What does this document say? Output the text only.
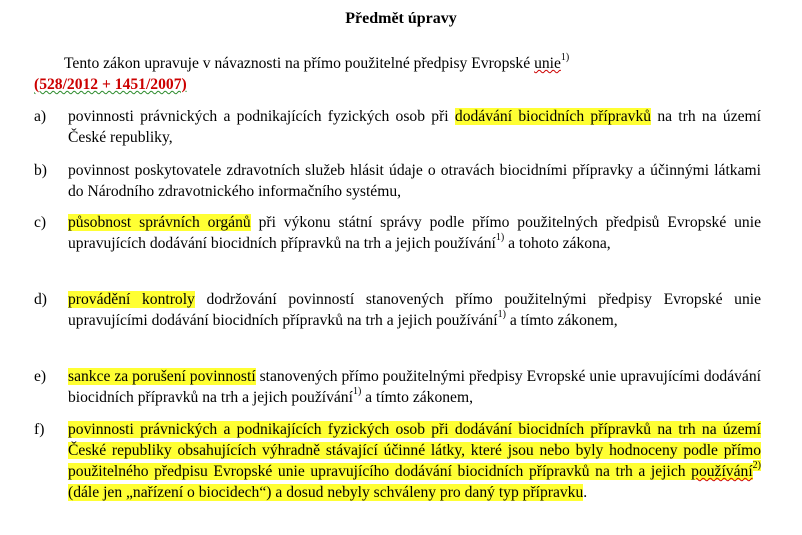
Předmět úpravy
Tento zákon upravuje v návaznosti na přímo použitelné předpisy Evropské unie$^{1)}$
(528/2012 + 1451/2007)
a)	povinnosti právnických a podnikajících fyzických osob při dodávání biocidních přípravků na trh na území České republiky,
b)	povinnost poskytovatele zdravotních služeb hlásit údaje o otravách biocidními přípravky a účinnými látkami do Národního zdravotnického informačního systému,
c)	působnost správních orgánů při výkonu státní správy podle přímo použitelných předpisů Evropské unie upravujících dodávání biocidních přípravků na trh a jejich používání$^{1)}$ a tohoto zákona,
d)	provádění kontroly dodržování povinností stanovených přímo použitelnými předpisy Evropské unie upravujícími dodávání biocidních přípravků na trh a jejich používání$^{1)}$ a tímto zákonem,
e)	sankce za porušení povinností stanovených přímo použitelnými předpisy Evropské unie upravujícími dodávání biocidních přípravků na trh a jejich používání$^{1)}$ a tímto zákonem,
f)	povinnosti právnických a podnikajících fyzických osob při dodávání biocidních přípravků na trh na území České republiky obsahujících výhradně stávající účinné látky, které jsou nebo byly hodnoceny podle přímo použitelného předpisu Evropské unie upravujícího dodávání biocidních přípravků na trh a jejich používání$^{2)}$ (dále jen „nařízení o biocidech“) a dosud nebyly schváleny pro daný typ přípravku.
